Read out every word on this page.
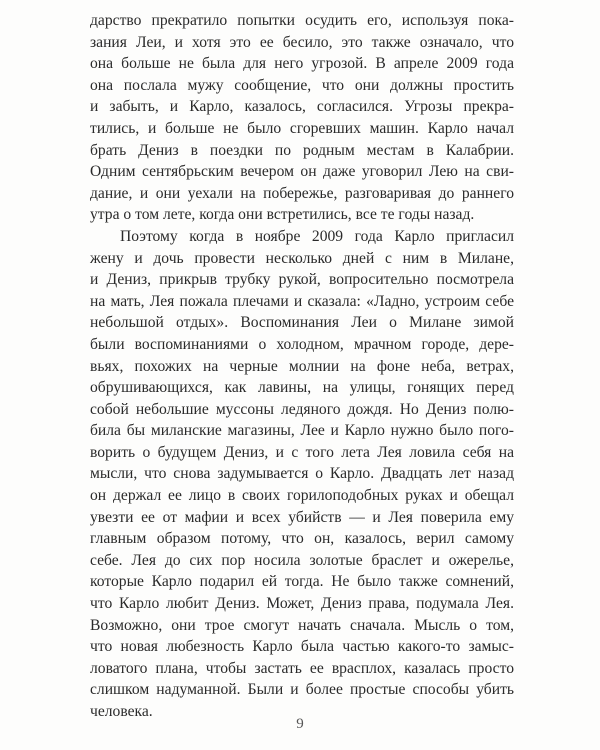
дарство прекратило попытки осудить его, используя пока-
зания Леи, и хотя это ее бесило, это также означало, что
она больше не была для него угрозой. В апреле 2009 года
она послала мужу сообщение, что они должны простить
и забыть, и Карло, казалось, согласился. Угрозы прекра-
тились, и больше не было сгоревших машин. Карло начал
брать Дениз в поездки по родным местам в Калабрии.
Одним сентябрьским вечером он даже уговорил Лею на сви-
дание, и они уехали на побережье, разговаривая до раннего
утра о том лете, когда они встретились, все те годы назад.
Поэтому когда в ноябре 2009 года Карло пригласил
жену и дочь провести несколько дней с ним в Милане,
и Дениз, прикрыв трубку рукой, вопросительно посмотрела
на мать, Лея пожала плечами и сказала: «Ладно, устроим себе
небольшой отдых». Воспоминания Леи о Милане зимой
были воспоминаниями о холодном, мрачном городе, дере-
вьях, похожих на черные молнии на фоне неба, ветрах,
обрушивающихся, как лавины, на улицы, гонящих перед
собой небольшие муссоны ледяного дождя. Но Дениз полю-
била бы миланские магазины, Лее и Карло нужно было пого-
ворить о будущем Дениз, и с того лета Лея ловила себя на
мысли, что снова задумывается о Карло. Двадцать лет назад
он держал ее лицо в своих горилоподобных руках и обещал
увезти ее от мафии и всех убийств — и Лея поверила ему
главным образом потому, что он, казалось, верил самому
себе. Лея до сих пор носила золотые браслет и ожерелье,
которые Карло подарил ей тогда. Не было также сомнений,
что Карло любит Дениз. Может, Дениз права, подумала Лея.
Возможно, они трое смогут начать сначала. Мысль о том,
что новая любезность Карло была частью какого-то замыс-
ловатого плана, чтобы застать ее врасплох, казалась просто
слишком надуманной. Были и более простые способы убить
человека.
9
